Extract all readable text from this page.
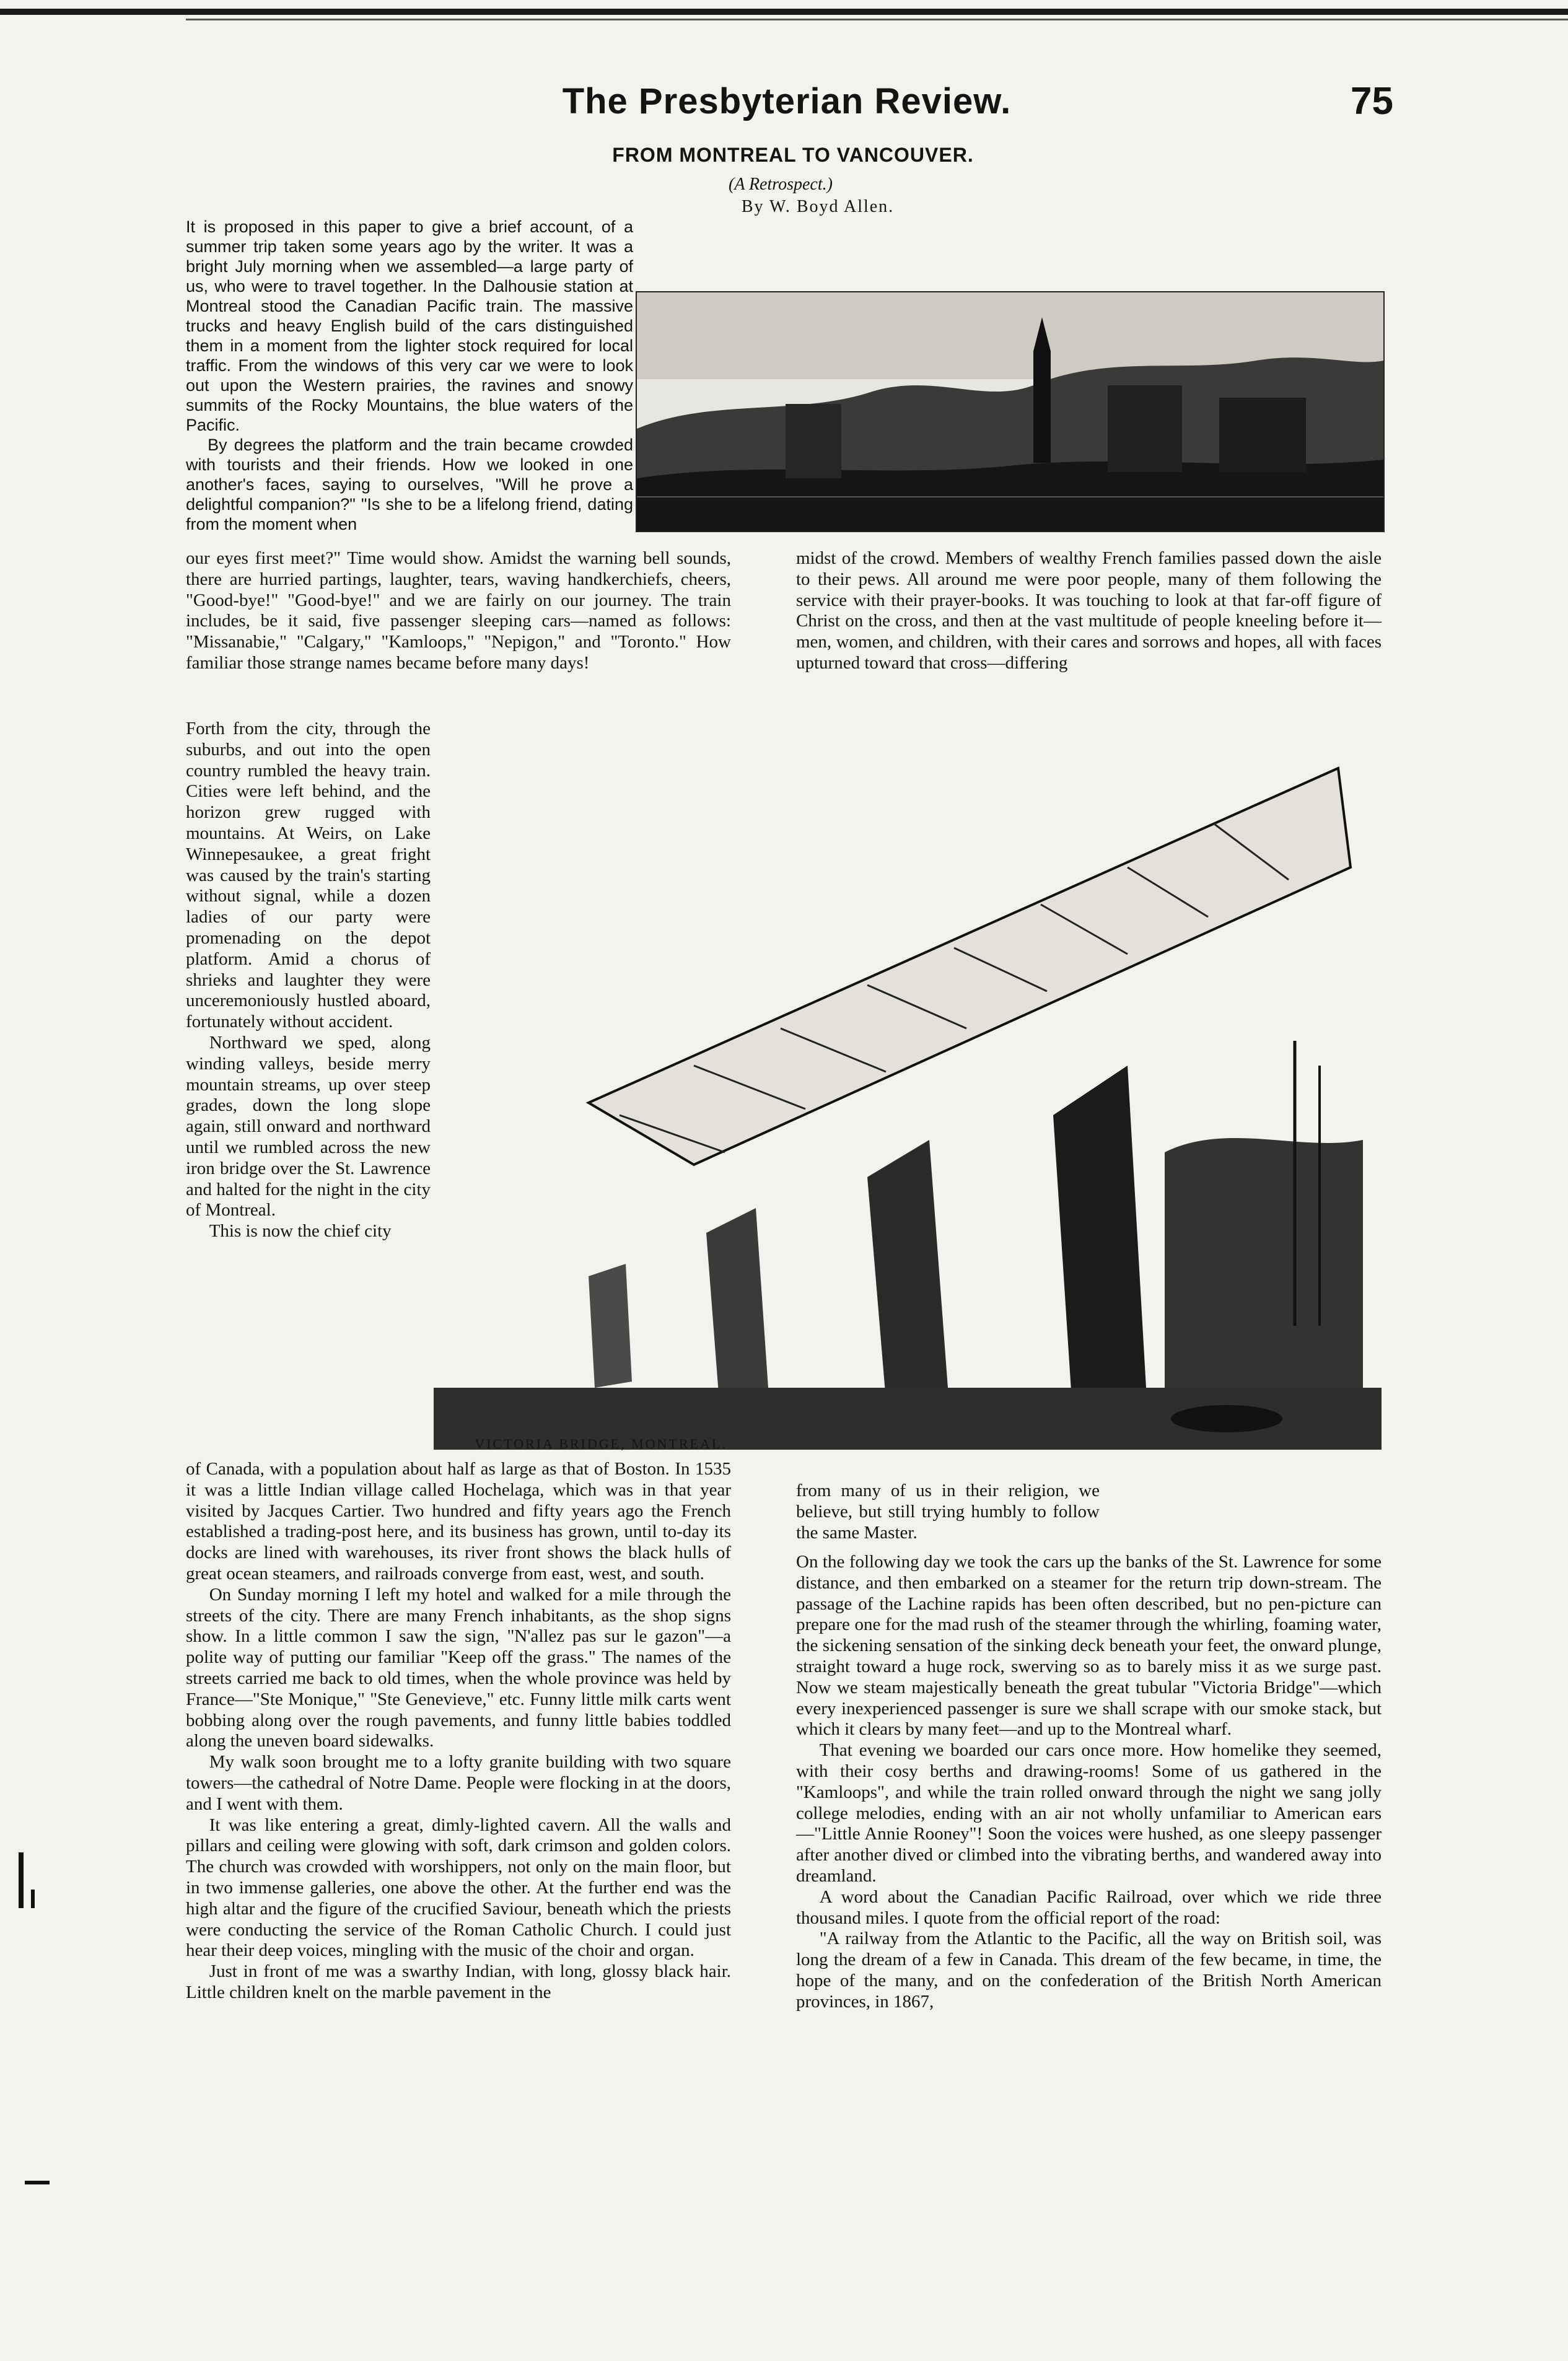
The Presbyterian Review.	75
FROM MONTREAL TO VANCOUVER.
(A Retrospect.)
By W. Boyd Allen.

It is proposed in this paper to give a brief account, of a summer trip taken some years ago by the writer. It was a bright July morning when we assembled—a large party of us, who were to travel together. In the Dalhousie station at Montreal stood the Canadian Pacific train. The massive trucks and heavy English build of the cars distinguished them in a moment from the lighter stock required for local traffic. From the windows of this very car we were to look out upon the Western prairies, the ravines and snowy summits of the Rocky Mountains, the blue waters of the Pacific.

By degrees the platform and the train became crowded with tourists and their friends. How we looked in one another's faces, saying to ourselves, "Will he prove a delightful companion?" "Is she to be a lifelong friend, dating from the moment when

our eyes first meet?" Time would show. Amidst the warning bell sounds, there are hurried partings, laughter, tears, waving handkerchiefs, cheers, "Good-bye!" "Good-bye!" and we are fairly on our journey. The train includes, be it said, five passenger sleeping cars—named as follows: "Missanabie," "Calgary," "Kamloops," "Nepigon," and "Toronto." How familiar those strange names became before many days!

Forth from the city, through the suburbs, and out into the open country rumbled the heavy train. Cities were left behind, and the horizon grew rugged with mountains. At Weirs, on Lake Winnepesaukee, a great fright was caused by the train's starting without signal, while a dozen ladies of our party were promenading on the depot platform. Amid a chorus of shrieks and laughter they were unceremoniously hustled aboard, fortunately without accident.

Northward we sped, along winding valleys, beside merry mountain streams, up over steep grades, down the long slope again, still onward and northward until we rumbled across the new iron bridge over the St. Lawrence and halted for the night in the city of Montreal.

This is now the chief city

VICTORIA BRIDGE, MONTREAL.

of Canada, with a population about half as large as that of Boston. In 1535 it was a little Indian village called Hochelaga, which was in that year visited by Jacques Cartier. Two hundred and fifty years ago the French established a trading-post here, and its business has grown, until to-day its docks are lined with warehouses, its river front shows the black hulls of great ocean steamers, and railroads converge from east, west, and south.

On Sunday morning I left my hotel and walked for a mile through the streets of the city. There are many French inhabitants, as the shop signs show. In a little common I saw the sign, "N'allez pas sur le gazon"—a polite way of putting our familiar "Keep off the grass." The names of the streets carried me back to old times, when the whole province was held by France—"Ste Monique," "Ste Genevieve," etc. Funny little milk carts went bobbing along over the rough pavements, and funny little babies toddled along the uneven board sidewalks.

My walk soon brought me to a lofty granite building with two square towers—the cathedral of Notre Dame. People were flocking in at the doors, and I went with them.

It was like entering a great, dimly-lighted cavern. All the walls and pillars and ceiling were glowing with soft, dark crimson and golden colors. The church was crowded with worshippers, not only on the main floor, but in two immense galleries, one above the other. At the further end was the high altar and the figure of the crucified Saviour, beneath which the priests were conducting the service of the Roman Catholic Church. I could just hear their deep voices, mingling with the music of the choir and organ.

Just in front of me was a swarthy Indian, with long, glossy black hair. Little children knelt on the marble pavement in the

midst of the crowd. Members of wealthy French families passed down the aisle to their pews. All around me were poor people, many of them following the service with their prayer-books. It was touching to look at that far-off figure of Christ on the cross, and then at the vast multitude of people kneeling before it—men, women, and children, with their cares and sorrows and hopes, all with faces upturned toward that cross—differing

from many of us in their religion, we believe, but still trying humbly to follow the same Master.

On the following day we took the cars up the banks of the St. Lawrence for some distance, and then embarked on a steamer for the return trip down-stream. The passage of the Lachine rapids has been often described, but no pen-picture can prepare one for the mad rush of the steamer through the whirling, foaming water, the sickening sensation of the sinking deck beneath your feet, the onward plunge, straight toward a huge rock, swerving so as to barely miss it as we surge past. Now we steam majestically beneath the great tubular "Victoria Bridge"—which every inexperienced passenger is sure we shall scrape with our smoke stack, but which it clears by many feet—and up to the Montreal wharf.

That evening we boarded our cars once more. How homelike they seemed, with their cosy berths and drawing-rooms! Some of us gathered in the "Kamloops", and while the train rolled onward through the night we sang jolly college melodies, ending with an air not wholly unfamiliar to American ears—"Little Annie Rooney"! Soon the voices were hushed, as one sleepy passenger after another dived or climbed into the vibrating berths, and wandered away into dreamland.

A word about the Canadian Pacific Railroad, over which we ride three thousand miles. I quote from the official report of the road:

"A railway from the Atlantic to the Pacific, all the way on British soil, was long the dream of a few in Canada. This dream of the few became, in time, the hope of the many, and on the confederation of the British North American provinces, in 1867,
